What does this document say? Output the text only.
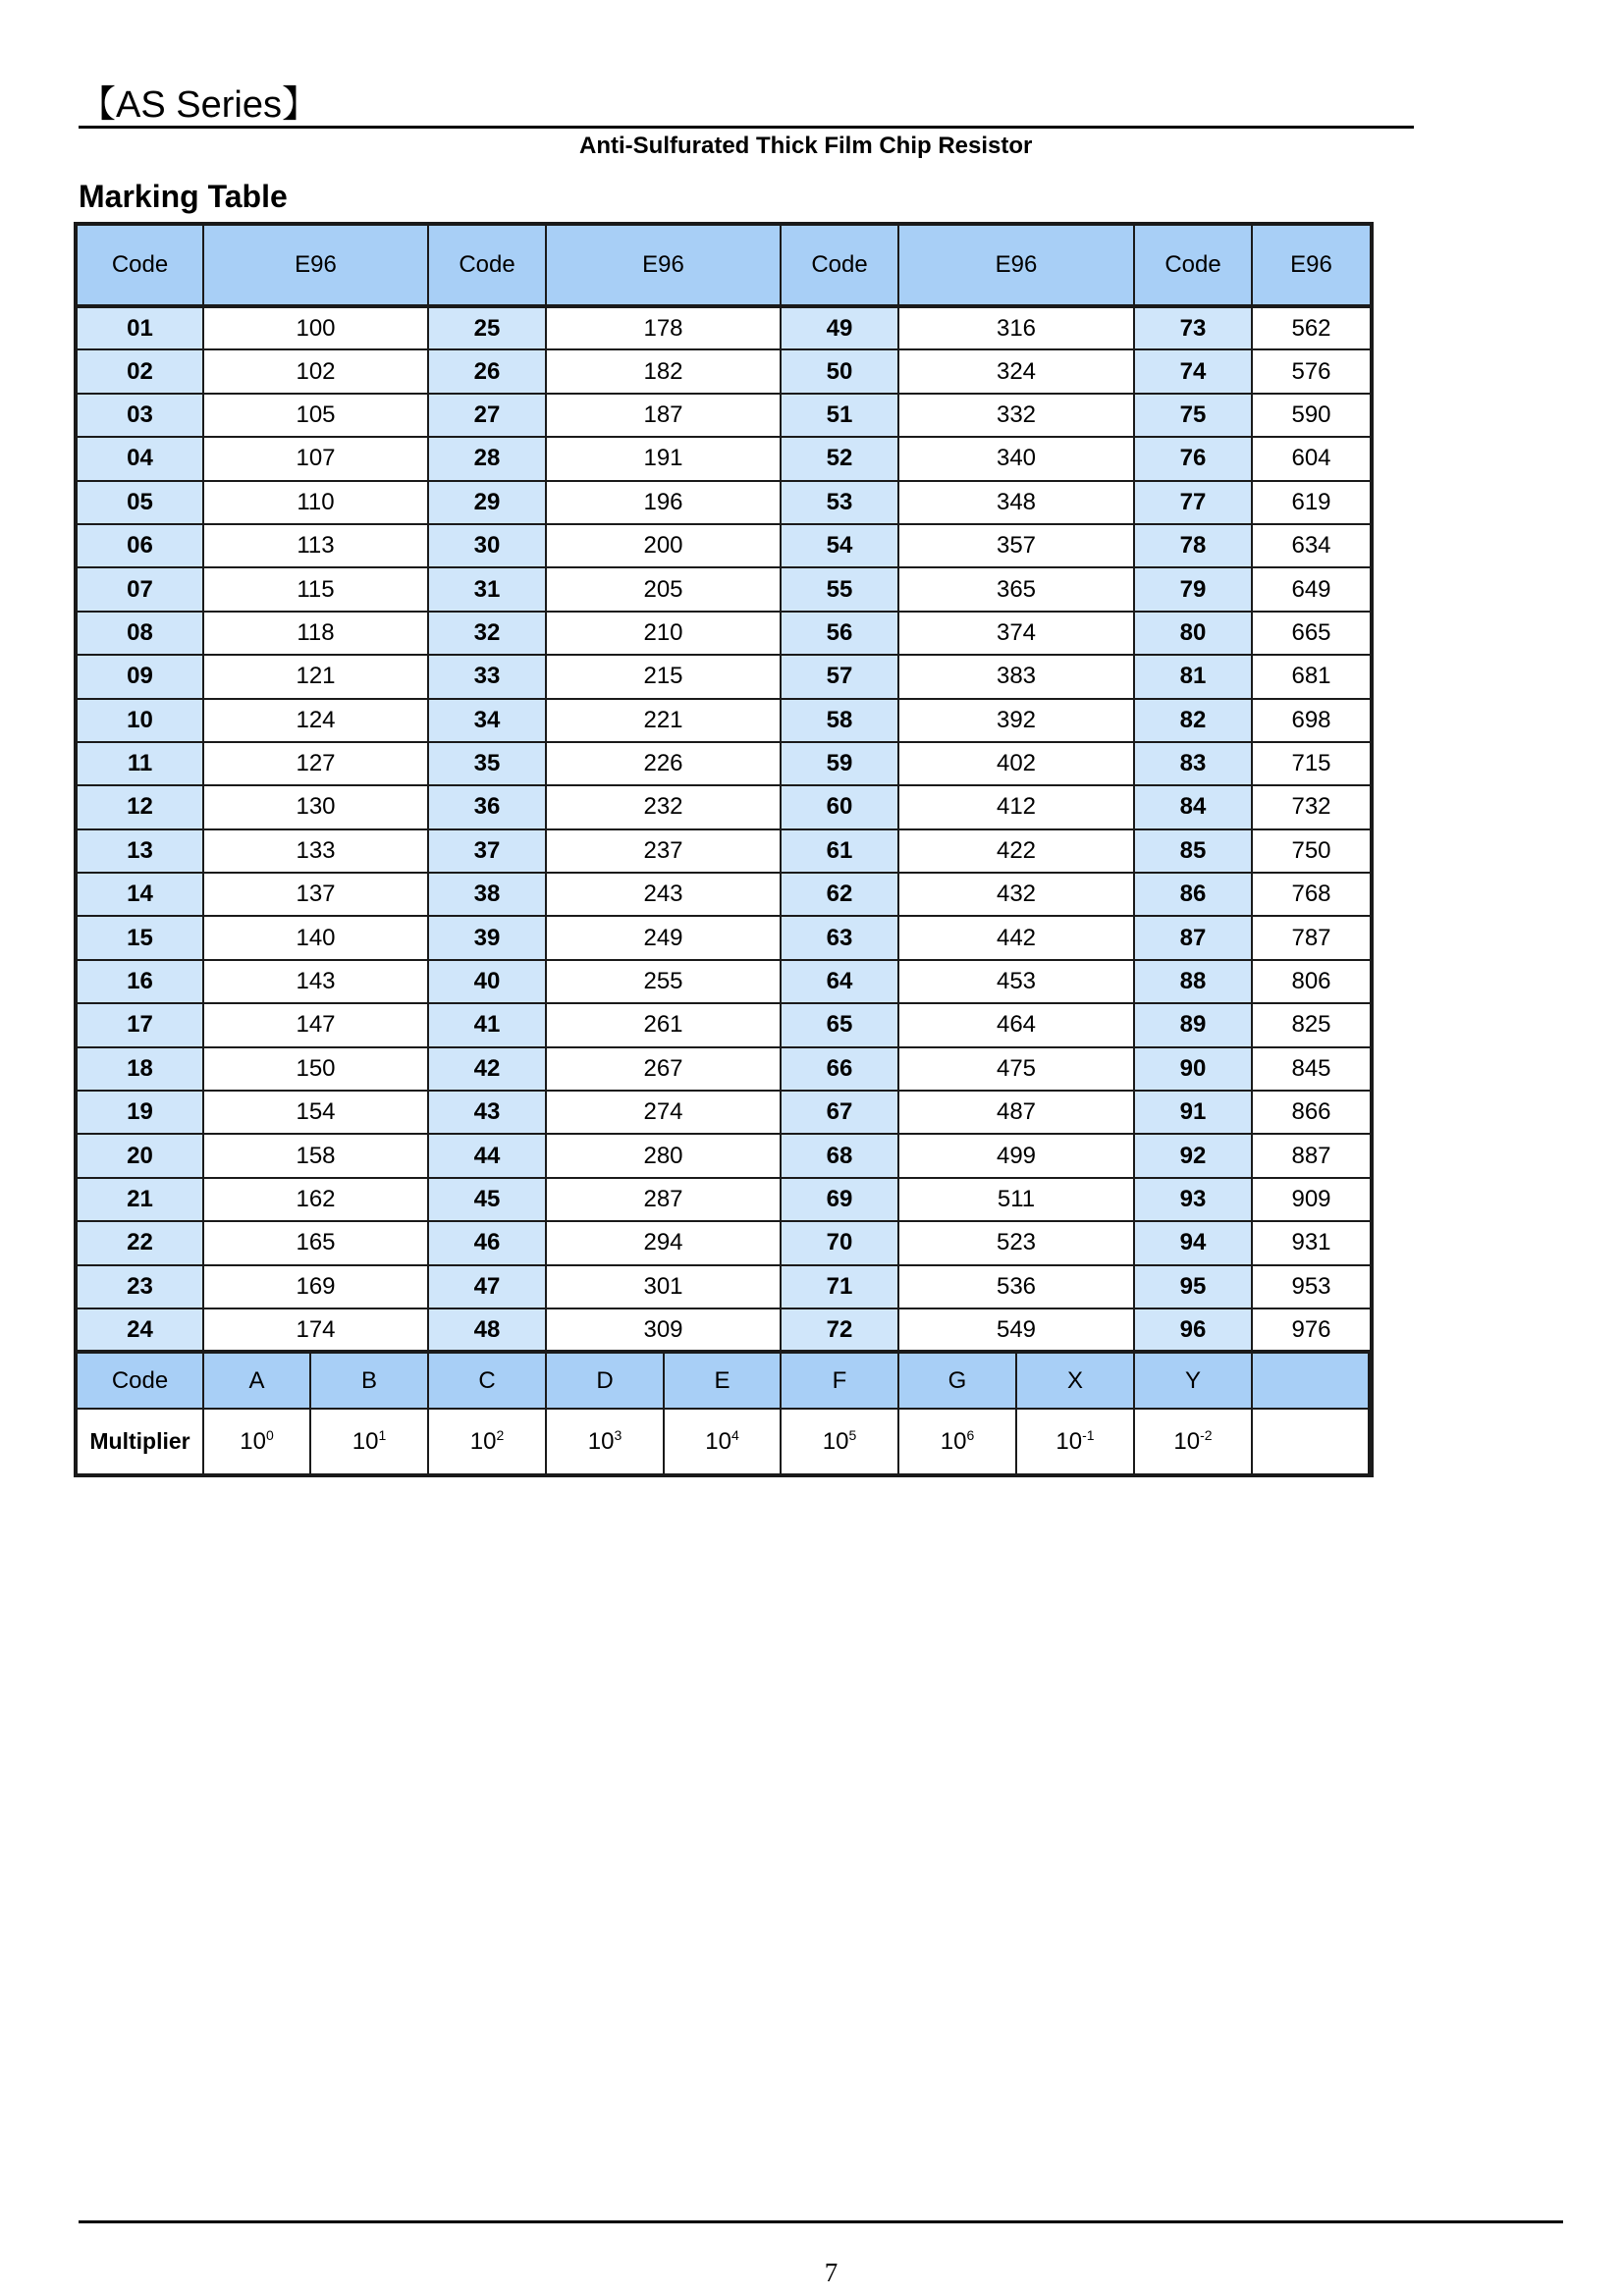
【AS Series】
Anti-Sulfurated Thick Film Chip Resistor
Marking Table
Code	E96		Code	E96		Code	E96		Code	E96	
01	100		25	178		49	316		73	562	
02	102		26	182		50	324		74	576	
03	105		27	187		51	332		75	590	
04	107		28	191		52	340		76	604	
05	110		29	196		53	348		77	619	
06	113		30	200		54	357		78	634	
07	115		31	205		55	365		79	649	
08	118		32	210		56	374		80	665	
09	121		33	215		57	383		81	681	
10	124		34	221		58	392		82	698	
11	127		35	226		59	402		83	715	
12	130		36	232		60	412		84	732	
13	133		37	237		61	422		85	750	
14	137		38	243		62	432		86	768	
15	140		39	249		63	442		87	787	
16	143		40	255		64	453		88	806	
17	147		41	261		65	464		89	825	
18	150		42	267		66	475		90	845	
19	154		43	274		67	487		91	866	
20	158		44	280		68	499		92	887	
21	162		45	287		69	511		93	909	
22	165		46	294		70	523		94	931	
23	169		47	301		71	536		95	953	
24	174		48	309		72	549		96	976	
Code	A	B	C	D	E	F	G	X	Y		
Multiplier	$10^0$	$10^1$	$10^2$	$10^3$	$10^4$	$10^5$	$10^6$	$10^{-1}$	$10^{-2}$		
7
